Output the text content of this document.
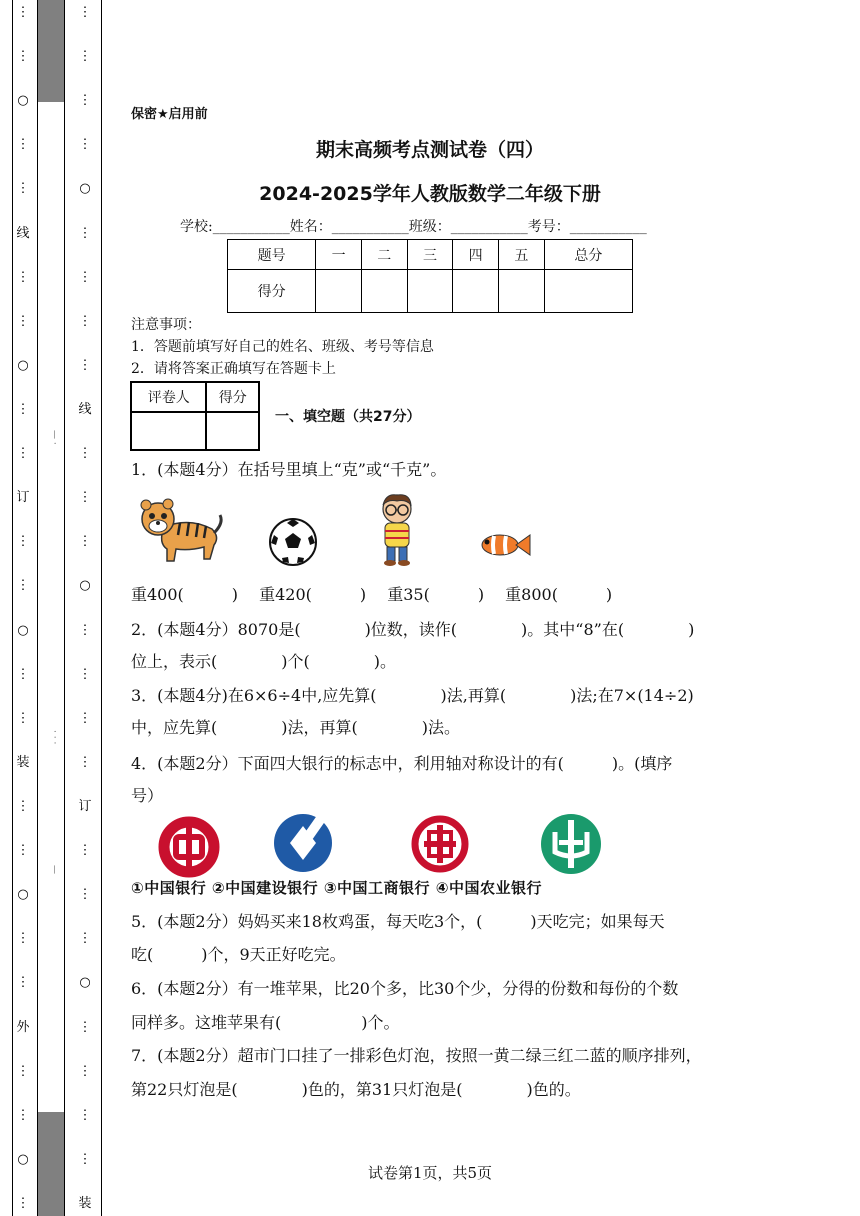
⋮
⋮
○
⋮
⋮
线
⋮
⋮
○
⋮
⋮
订
⋮
⋮
○
⋮
⋮
装
⋮
⋮
○
⋮
⋮
外
⋮
⋮
○
⋮
— ·
· · ·
—
⋮
⋮
⋮
⋮
○
⋮
⋮
⋮
⋮
线
⋮
⋮
⋮
○
⋮
⋮
⋮
⋮
订
⋮
⋮
⋮
○
⋮
⋮
⋮
⋮
装
保密★启用前
期末高频考点测试卷（四）
2024-2025学年人教版数学二年级下册
学校:___________姓名：___________班级：___________考号：___________
题号	一	二	三	四	五	总分
得分						
注意事项：
1．答题前填写好自己的姓名、班级、考号等信息
2．请将答案正确填写在答题卡上
评卷人	得分

一、填空题（共27分）
1．(本题4分）在括号里填上“克”或“千克”。
重400(　　　)　 重420(　　　)　 重35(　　　)　 重800(　　　)
2．(本题4分）8070是(　　　　)位数，读作(　　　　)。其中“8”在(　　　　)
位上，表示(　　　　)个(　　　　)。
3．(本题4分)在6×6÷4中,应先算(　　　　)法,再算(　　　　)法;在7×(14÷2)
中，应先算(　　　　)法，再算(　　　　)法。
4．(本题2分）下面四大银行的标志中，利用轴对称设计的有(　　　)。(填序
号）
①中国银行 ②中国建设银行 ③中国工商银行 ④中国农业银行
5．(本题2分）妈妈买来18枚鸡蛋，每天吃3个，(　　　)天吃完；如果每天
吃(　　　)个，9天正好吃完。
6．(本题2分）有一堆苹果，比20个多，比30个少，分得的份数和每份的个数
同样多。这堆苹果有(　　　　　)个。
7．(本题2分）超市门口挂了一排彩色灯泡，按照一黄二绿三红二蓝的顺序排列，
第22只灯泡是(　　　　)色的，第31只灯泡是(　　　　)色的。
试卷第1页，共5页
